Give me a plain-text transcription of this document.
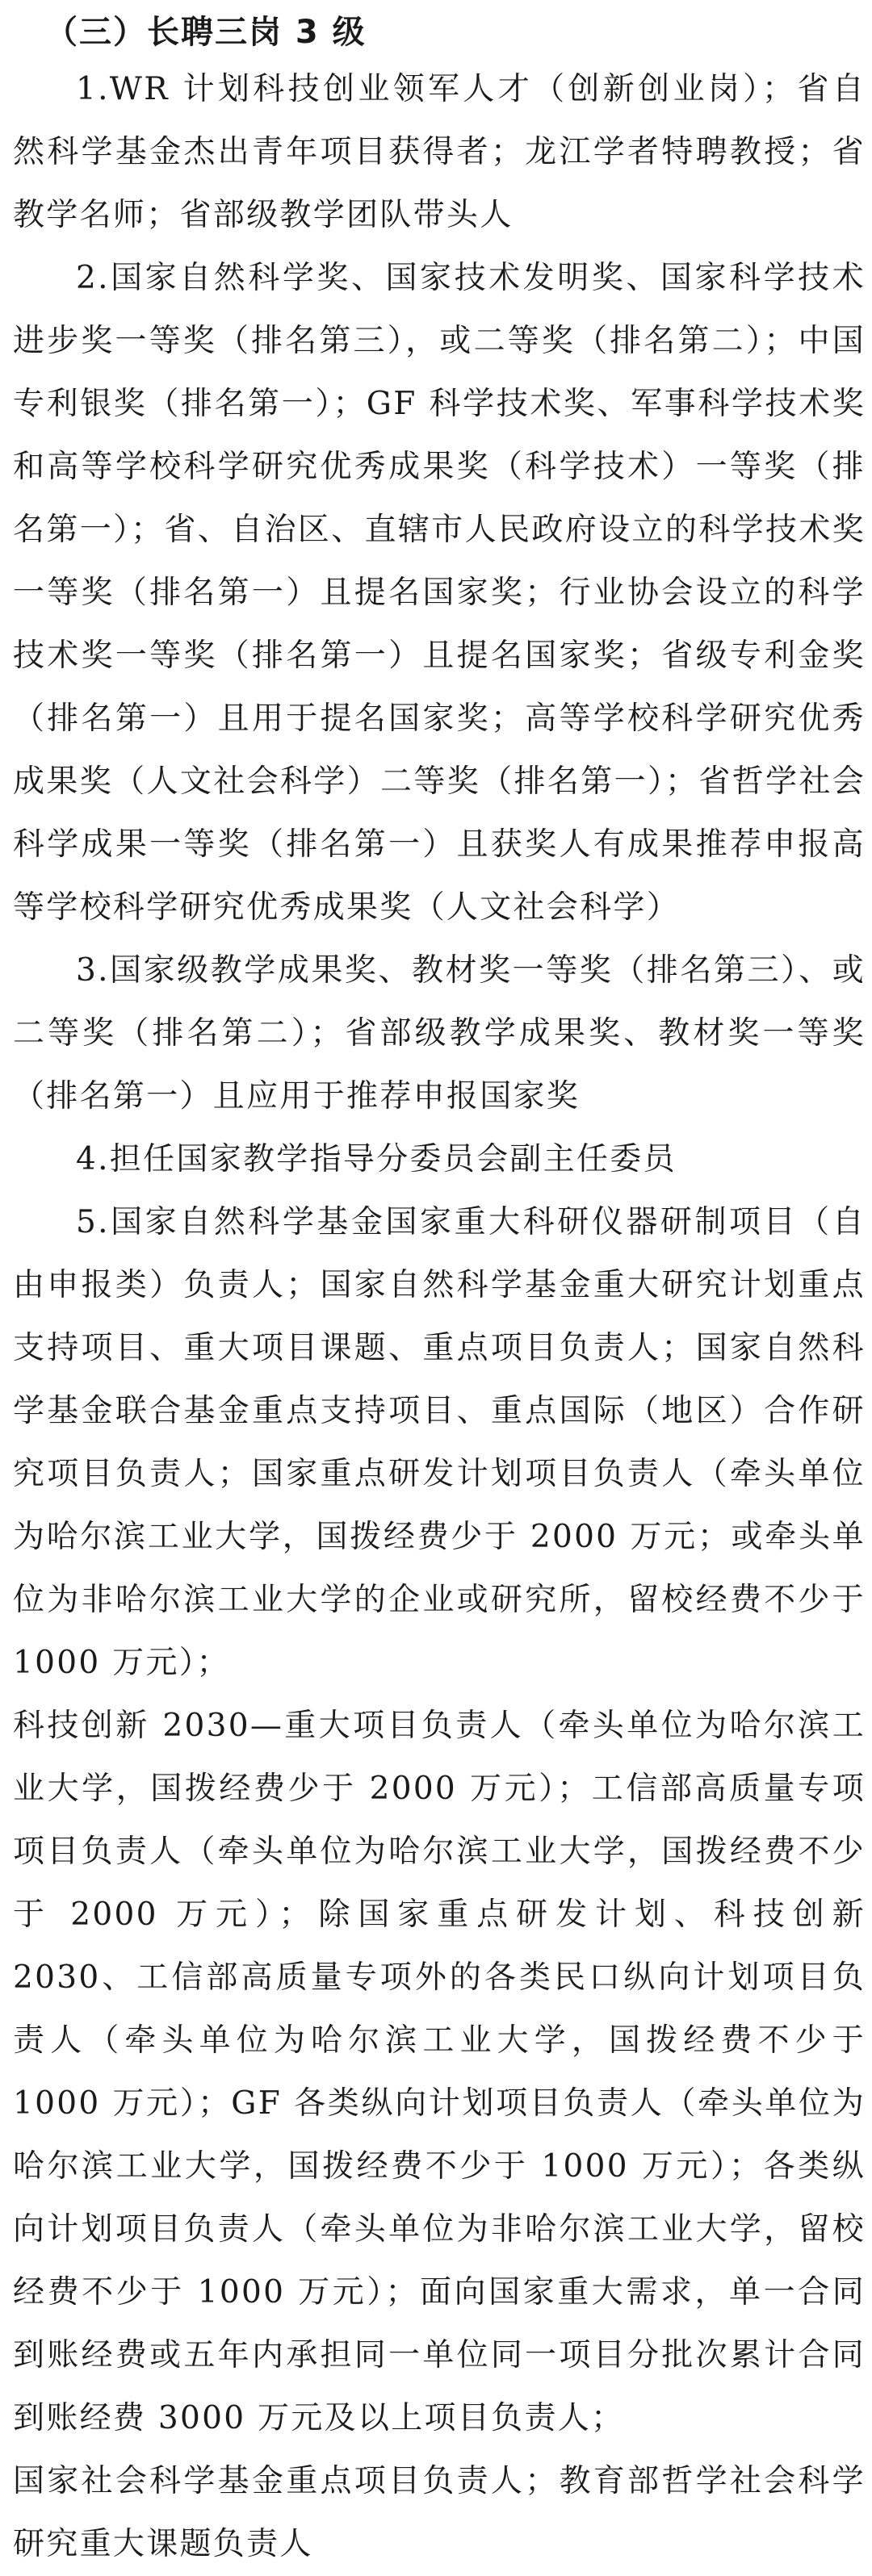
（三）长聘三岗 3 级

1.WR 计划科技创业领军人才（创新创业岗）；省自然科学基金杰出青年项目获得者；龙江学者特聘教授；省教学名师；省部级教学团队带头人

2.国家自然科学奖、国家技术发明奖、国家科学技术进步奖一等奖（排名第三），或二等奖（排名第二）；中国专利银奖（排名第一）；GF 科学技术奖、军事科学技术奖和高等学校科学研究优秀成果奖（科学技术）一等奖（排名第一）；省、自治区、直辖市人民政府设立的科学技术奖一等奖（排名第一）且提名国家奖；行业协会设立的科学技术奖一等奖（排名第一）且提名国家奖；省级专利金奖（排名第一）且用于提名国家奖；高等学校科学研究优秀成果奖（人文社会科学）二等奖（排名第一）；省哲学社会科学成果一等奖（排名第一）且获奖人有成果推荐申报高等学校科学研究优秀成果奖（人文社会科学）

3.国家级教学成果奖、教材奖一等奖（排名第三）、或二等奖（排名第二）；省部级教学成果奖、教材奖一等奖（排名第一）且应用于推荐申报国家奖

4.担任国家教学指导分委员会副主任委员

5.国家自然科学基金国家重大科研仪器研制项目（自由申报类）负责人；国家自然科学基金重大研究计划重点支持项目、重大项目课题、重点项目负责人；国家自然科学基金联合基金重点支持项目、重点国际（地区）合作研究项目负责人；国家重点研发计划项目负责人（牵头单位为哈尔滨工业大学，国拨经费少于 2000 万元；或牵头单位为非哈尔滨工业大学的企业或研究所，留校经费不少于 1000 万元）；

科技创新 2030—重大项目负责人（牵头单位为哈尔滨工业大学，国拨经费少于 2000 万元）；工信部高质量专项项目负责人（牵头单位为哈尔滨工业大学，国拨经费不少于 2000 万元）；除国家重点研发计划、科技创新 2030、工信部高质量专项外的各类民口纵向计划项目负责人（牵头单位为哈尔滨工业大学，国拨经费不少于 1000 万元）；GF 各类纵向计划项目负责人（牵头单位为哈尔滨工业大学，国拨经费不少于 1000 万元）；各类纵向计划项目负责人（牵头单位为非哈尔滨工业大学，留校经费不少于 1000 万元）；面向国家重大需求，单一合同到账经费或五年内承担同一单位同一项目分批次累计合同到账经费 3000 万元及以上项目负责人；

国家社会科学基金重点项目负责人；教育部哲学社会科学研究重大课题负责人
